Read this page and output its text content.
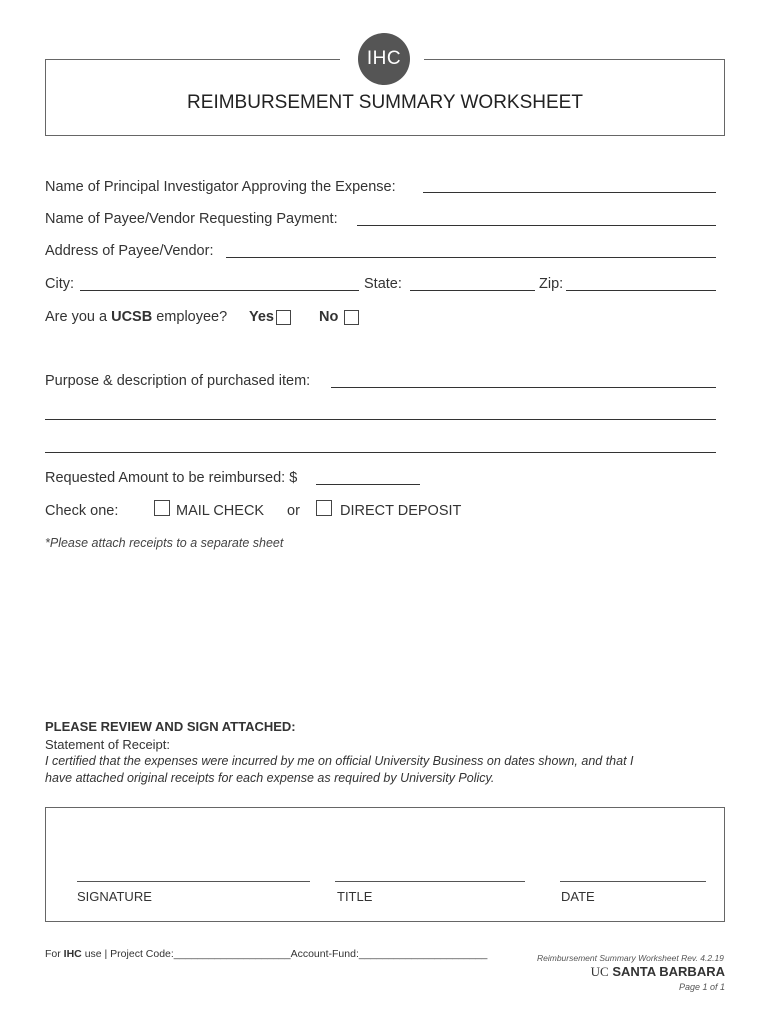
IHC
REIMBURSEMENT SUMMARY WORKSHEET
Name of Principal Investigator Approving the Expense:
Name of Payee/Vendor Requesting Payment:
Address of Payee/Vendor:
City:	State:	Zip:
Are you a UCSB employee? Yes	No
Purpose & description of purchased item:
Requested Amount to be reimbursed: $
Check one:	MAIL CHECK or	DIRECT DEPOSIT
*Please attach receipts to a separate sheet
PLEASE REVIEW AND SIGN ATTACHED:
Statement of Receipt:
I certified that the expenses were incurred by me on official University Business on dates shown, and that I
have attached original receipts for each expense as required by University Policy.
SIGNATURE	TITLE	DATE
For IHC use | Project Code:____________________Account-Fund:______________________	Reimbursement Summary Worksheet Rev. 4.2.19
UC SANTA BARBARA
Page 1 of 1
